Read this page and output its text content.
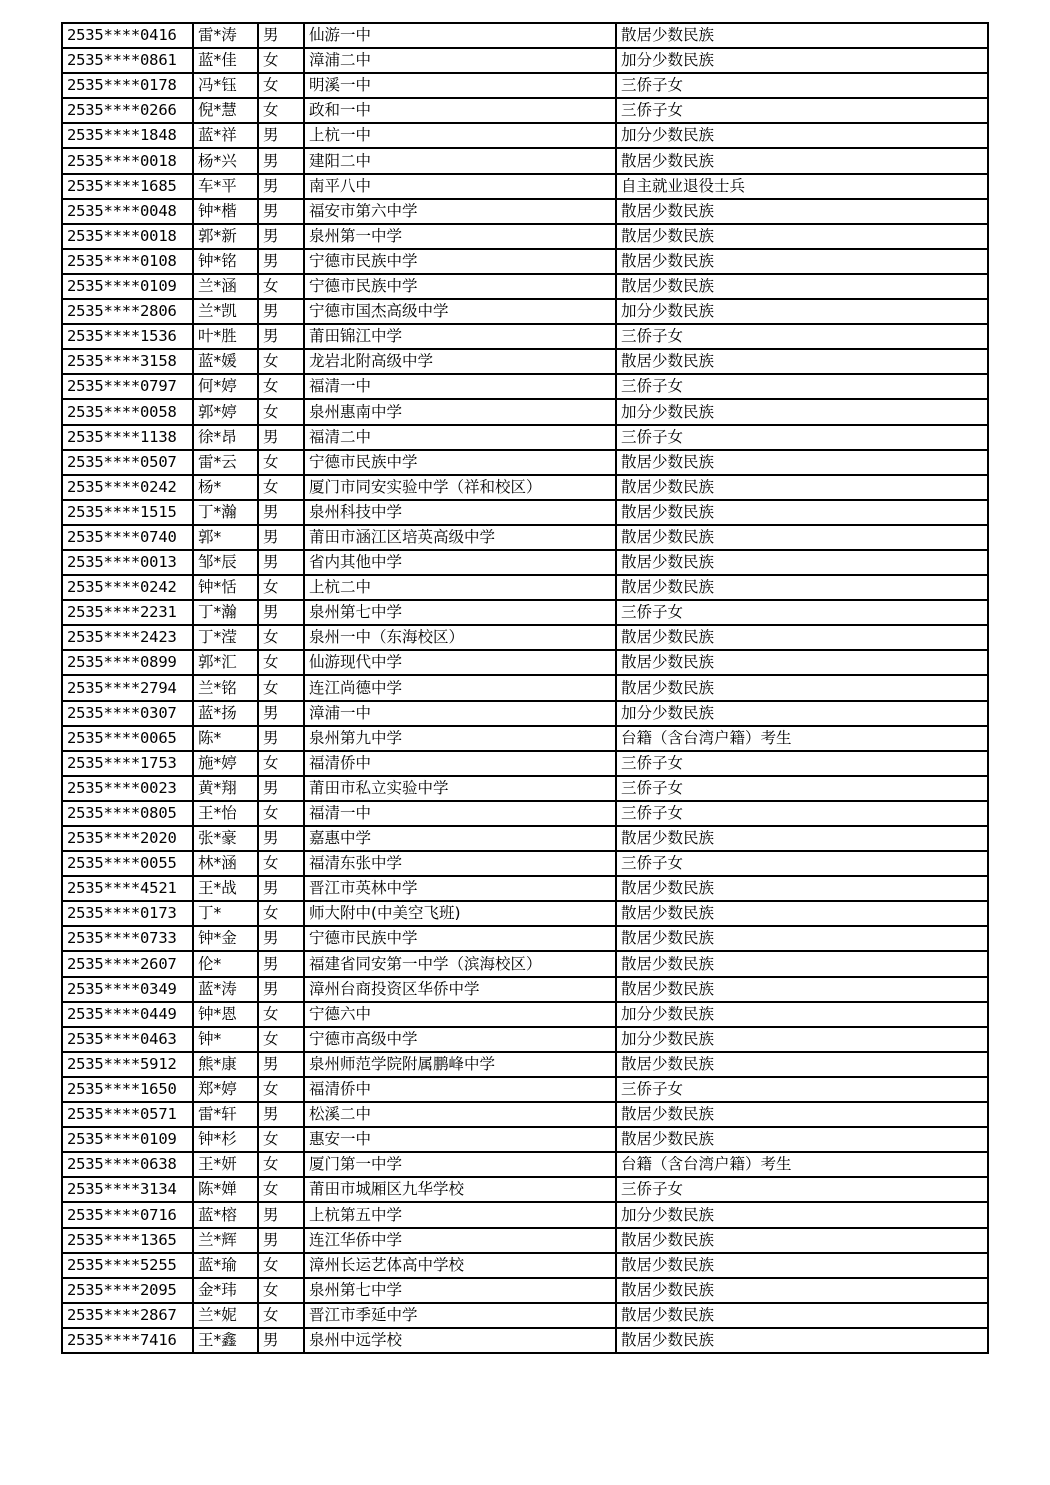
2535****0416	雷*涛	男	仙游一中	散居少数民族
2535****0861	蓝*佳	女	漳浦二中	加分少数民族
2535****0178	冯*钰	女	明溪一中	三侨子女
2535****0266	倪*慧	女	政和一中	三侨子女
2535****1848	蓝*祥	男	上杭一中	加分少数民族
2535****0018	杨*兴	男	建阳二中	散居少数民族
2535****1685	车*平	男	南平八中	自主就业退役士兵
2535****0048	钟*楷	男	福安市第六中学	散居少数民族
2535****0018	郭*新	男	泉州第一中学	散居少数民族
2535****0108	钟*铭	男	宁德市民族中学	散居少数民族
2535****0109	兰*涵	女	宁德市民族中学	散居少数民族
2535****2806	兰*凯	男	宁德市国杰高级中学	加分少数民族
2535****1536	叶*胜	男	莆田锦江中学	三侨子女
2535****3158	蓝*媛	女	龙岩北附高级中学	散居少数民族
2535****0797	何*婷	女	福清一中	三侨子女
2535****0058	郭*婷	女	泉州惠南中学	加分少数民族
2535****1138	徐*昂	男	福清二中	三侨子女
2535****0507	雷*云	女	宁德市民族中学	散居少数民族
2535****0242	杨*	女	厦门市同安实验中学（祥和校区）	散居少数民族
2535****1515	丁*瀚	男	泉州科技中学	散居少数民族
2535****0740	郭*	男	莆田市涵江区培英高级中学	散居少数民族
2535****0013	邹*辰	男	省内其他中学	散居少数民族
2535****0242	钟*恬	女	上杭二中	散居少数民族
2535****2231	丁*瀚	男	泉州第七中学	三侨子女
2535****2423	丁*滢	女	泉州一中（东海校区）	散居少数民族
2535****0899	郭*汇	女	仙游现代中学	散居少数民族
2535****2794	兰*铭	女	连江尚德中学	散居少数民族
2535****0307	蓝*扬	男	漳浦一中	加分少数民族
2535****0065	陈*	男	泉州第九中学	台籍（含台湾户籍）考生
2535****1753	施*婷	女	福清侨中	三侨子女
2535****0023	黄*翔	男	莆田市私立实验中学	三侨子女
2535****0805	王*怡	女	福清一中	三侨子女
2535****2020	张*豪	男	嘉惠中学	散居少数民族
2535****0055	林*涵	女	福清东张中学	三侨子女
2535****4521	王*战	男	晋江市英林中学	散居少数民族
2535****0173	丁*	女	师大附中(中美空飞班)	散居少数民族
2535****0733	钟*金	男	宁德市民族中学	散居少数民族
2535****2607	伦*	男	福建省同安第一中学（滨海校区）	散居少数民族
2535****0349	蓝*涛	男	漳州台商投资区华侨中学	散居少数民族
2535****0449	钟*恩	女	宁德六中	加分少数民族
2535****0463	钟*	女	宁德市高级中学	加分少数民族
2535****5912	熊*康	男	泉州师范学院附属鹏峰中学	散居少数民族
2535****1650	郑*婷	女	福清侨中	三侨子女
2535****0571	雷*轩	男	松溪二中	散居少数民族
2535****0109	钟*杉	女	惠安一中	散居少数民族
2535****0638	王*妍	女	厦门第一中学	台籍（含台湾户籍）考生
2535****3134	陈*婵	女	莆田市城厢区九华学校	三侨子女
2535****0716	蓝*榕	男	上杭第五中学	加分少数民族
2535****1365	兰*辉	男	连江华侨中学	散居少数民族
2535****5255	蓝*瑜	女	漳州长运艺体高中学校	散居少数民族
2535****2095	金*玮	女	泉州第七中学	散居少数民族
2535****2867	兰*妮	女	晋江市季延中学	散居少数民族
2535****7416	王*鑫	男	泉州中远学校	散居少数民族
